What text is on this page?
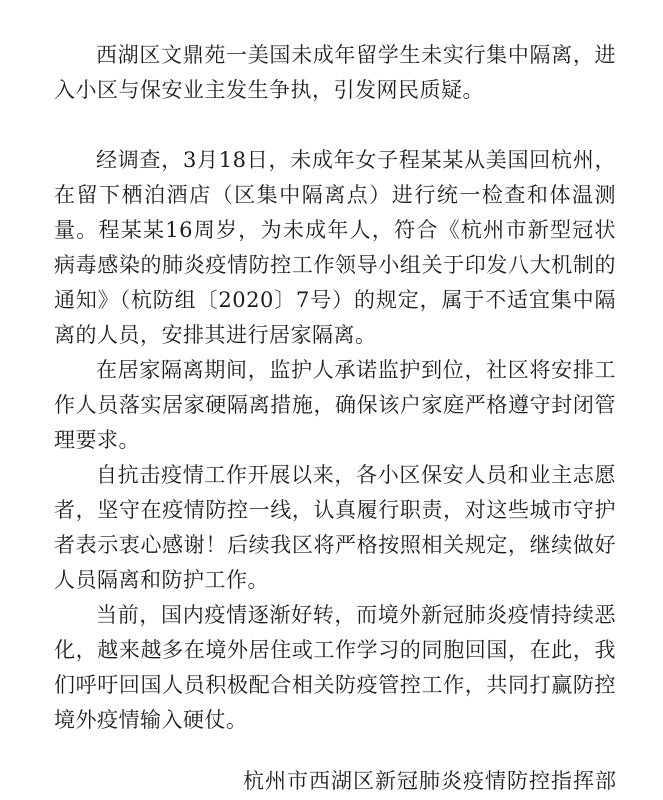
西湖区文鼎苑一美国未成年留学生未实行集中隔离，进入小区与保安业主发生争执，引发网民质疑。

经调查，3月18日，未成年女子程某某从美国回杭州，在留下栖泊酒店（区集中隔离点）进行统一检查和体温测量。程某某16周岁，为未成年人，符合《杭州市新型冠状病毒感染的肺炎疫情防控工作领导小组关于印发八大机制的通知》（杭防组〔2020〕7号）的规定，属于不适宜集中隔离的人员，安排其进行居家隔离。

在居家隔离期间，监护人承诺监护到位，社区将安排工作人员落实居家硬隔离措施，确保该户家庭严格遵守封闭管理要求。

自抗击疫情工作开展以来，各小区保安人员和业主志愿者，坚守在疫情防控一线，认真履行职责，对这些城市守护者表示衷心感谢！后续我区将严格按照相关规定，继续做好人员隔离和防护工作。

当前，国内疫情逐渐好转，而境外新冠肺炎疫情持续恶化，越来越多在境外居住或工作学习的同胞回国，在此，我们呼吁回国人员积极配合相关防疫管控工作，共同打赢防控境外疫情输入硬仗。

杭州市西湖区新冠肺炎疫情防控指挥部
